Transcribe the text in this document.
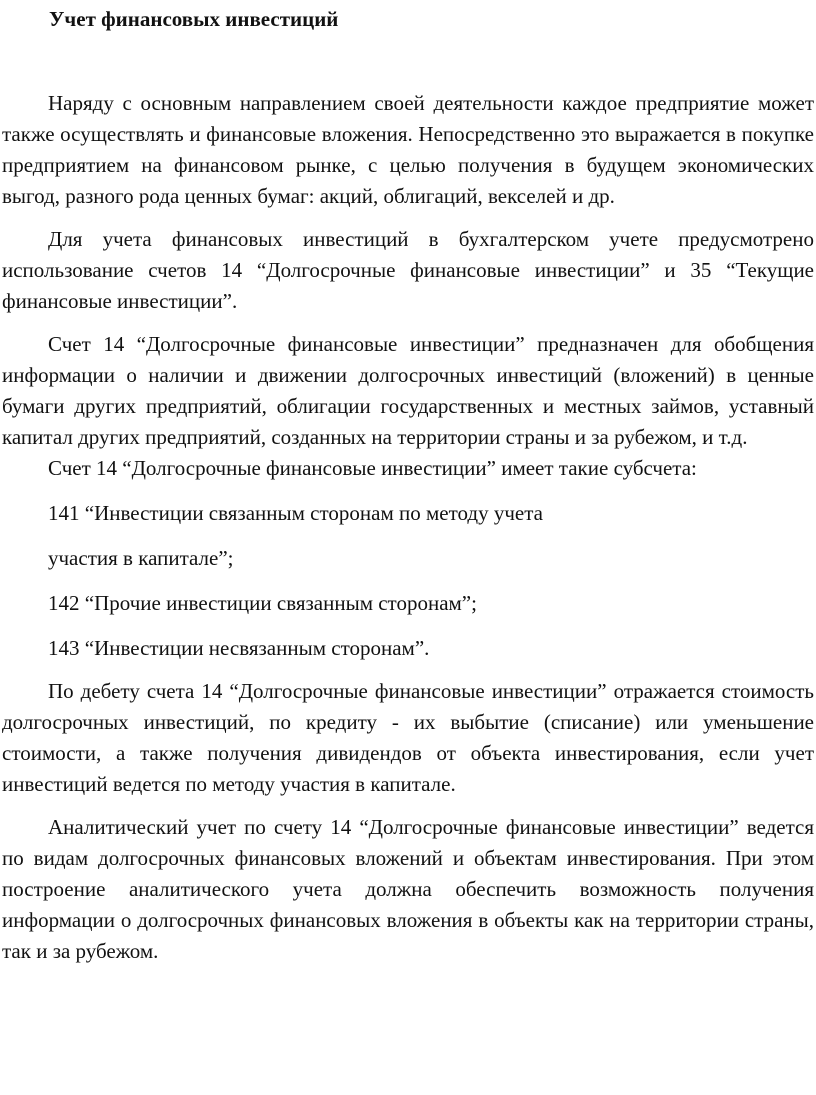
Учет финансовых инвестиций

Наряду с основным направлением своей деятельности каждое предприятие может также осуществлять и финансовые вложения. Непосредственно это выражается в покупке предприятием на финансовом рынке, с целью получения в будущем экономических выгод, разного рода ценных бумаг: акций, облигаций, векселей и др.

Для учета финансовых инвестиций в бухгалтерском учете предусмотрено использование счетов 14 “Долгосрочные финансовые инвестиции” и 35 “Текущие финансовые инвестиции”.

Счет 14 “Долгосрочные финансовые инвестиции” предназначен для обобщения информации о наличии и движении долгосрочных инвестиций (вложений) в ценные бумаги других предприятий, облигации государственных и местных займов, уставный капитал других предприятий, созданных на территории страны и за рубежом, и т.д.

Счет 14 “Долгосрочные финансовые инвестиции” имеет такие субсчета:

141 “Инвестиции связанным сторонам по методу учета

участия в капитале”;

142 “Прочие инвестиции связанным сторонам”;

143 “Инвестиции несвязанным сторонам”.

По дебету счета 14 “Долгосрочные финансовые инвестиции” отражается стоимость долгосрочных инвестиций, по кредиту - их выбытие (списание) или уменьшение стоимости, а также получения дивидендов от объекта инвестирования, если учет инвестиций ведется по методу участия в капитале.

Аналитический учет по счету 14 “Долгосрочные финансовые инвестиции” ведется по видам долгосрочных финансовых вложений и объектам инвестирования. При этом построение аналитического учета должна обеспечить возможность получения информации о долгосрочных финансовых вложения в объекты как на территории страны, так и за рубежом.
